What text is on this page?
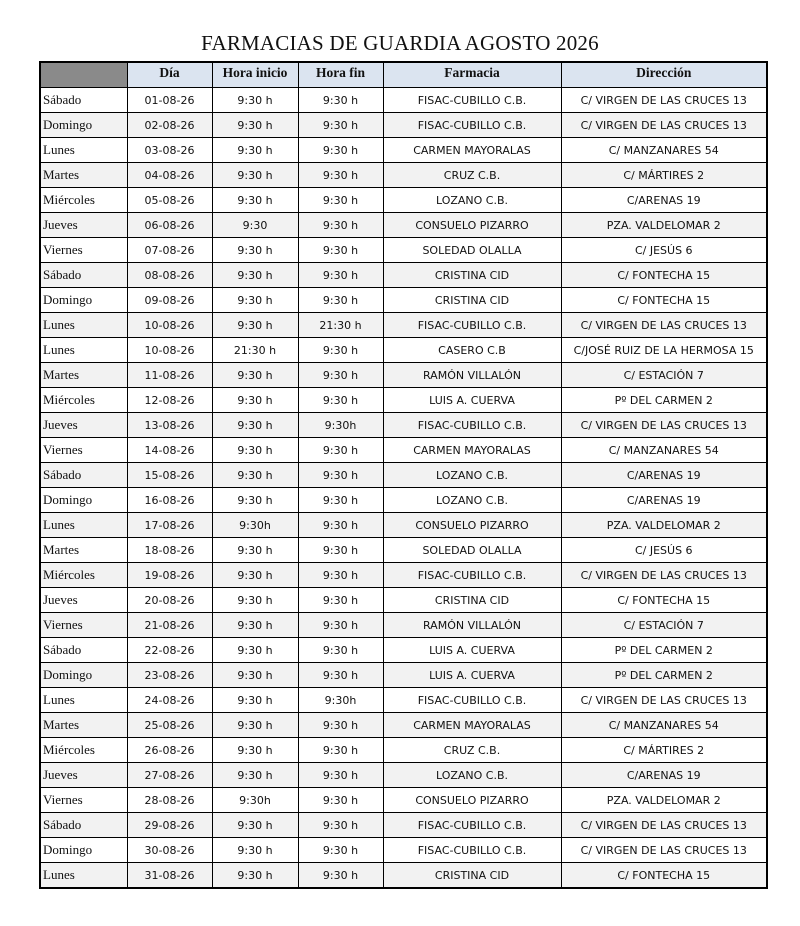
FARMACIAS DE GUARDIA AGOSTO 2026
	Día	Hora inicio	Hora fin	Farmacia	Dirección
Sábado	01-08-26	9:30 h	9:30 h	FISAC-CUBILLO C.B.	C/ VIRGEN DE LAS CRUCES 13
Domingo	02-08-26	9:30 h	9:30 h	FISAC-CUBILLO C.B.	C/ VIRGEN DE LAS CRUCES 13
Lunes	03-08-26	9:30 h	9:30 h	CARMEN MAYORALAS	C/ MANZANARES 54
Martes	04-08-26	9:30 h	9:30 h	CRUZ C.B.	C/ MÁRTIRES 2
Miércoles	05-08-26	9:30 h	9:30 h	LOZANO C.B.	C/ARENAS 19
Jueves	06-08-26	9:30	9:30 h	CONSUELO PIZARRO	PZA. VALDELOMAR 2
Viernes	07-08-26	9:30 h	9:30 h	SOLEDAD OLALLA	C/ JESÚS 6
Sábado	08-08-26	9:30 h	9:30 h	CRISTINA CID	C/ FONTECHA 15
Domingo	09-08-26	9:30 h	9:30 h	CRISTINA CID	C/ FONTECHA 15
Lunes	10-08-26	9:30 h	21:30 h	FISAC-CUBILLO C.B.	C/ VIRGEN DE LAS CRUCES 13
Lunes	10-08-26	21:30 h	9:30 h	CASERO C.B	C/JOSÉ RUIZ DE LA HERMOSA 15
Martes	11-08-26	9:30 h	9:30 h	RAMÓN VILLALÓN	C/ ESTACIÓN 7
Miércoles	12-08-26	9:30 h	9:30 h	LUIS A. CUERVA	Pº DEL CARMEN 2
Jueves	13-08-26	9:30 h	9:30h	FISAC-CUBILLO C.B.	C/ VIRGEN DE LAS CRUCES 13
Viernes	14-08-26	9:30 h	9:30 h	CARMEN MAYORALAS	C/ MANZANARES 54
Sábado	15-08-26	9:30 h	9:30 h	LOZANO C.B.	C/ARENAS 19
Domingo	16-08-26	9:30 h	9:30 h	LOZANO C.B.	C/ARENAS 19
Lunes	17-08-26	9:30h	9:30 h	CONSUELO PIZARRO	PZA. VALDELOMAR 2
Martes	18-08-26	9:30 h	9:30 h	SOLEDAD OLALLA	C/ JESÚS 6
Miércoles	19-08-26	9:30 h	9:30 h	FISAC-CUBILLO C.B.	C/ VIRGEN DE LAS CRUCES 13
Jueves	20-08-26	9:30 h	9:30 h	CRISTINA CID	C/ FONTECHA 15
Viernes	21-08-26	9:30 h	9:30 h	RAMÓN VILLALÓN	C/ ESTACIÓN 7
Sábado	22-08-26	9:30 h	9:30 h	LUIS A. CUERVA	Pº DEL CARMEN 2
Domingo	23-08-26	9:30 h	9:30 h	LUIS A. CUERVA	Pº DEL CARMEN 2
Lunes	24-08-26	9:30 h	9:30h	FISAC-CUBILLO C.B.	C/ VIRGEN DE LAS CRUCES 13
Martes	25-08-26	9:30 h	9:30 h	CARMEN MAYORALAS	C/ MANZANARES 54
Miércoles	26-08-26	9:30 h	9:30 h	CRUZ C.B.	C/ MÁRTIRES 2
Jueves	27-08-26	9:30 h	9:30 h	LOZANO C.B.	C/ARENAS 19
Viernes	28-08-26	9:30h	9:30 h	CONSUELO PIZARRO	PZA. VALDELOMAR 2
Sábado	29-08-26	9:30 h	9:30 h	FISAC-CUBILLO C.B.	C/ VIRGEN DE LAS CRUCES 13
Domingo	30-08-26	9:30 h	9:30 h	FISAC-CUBILLO C.B.	C/ VIRGEN DE LAS CRUCES 13
Lunes	31-08-26	9:30 h	9:30 h	CRISTINA CID	C/ FONTECHA 15
